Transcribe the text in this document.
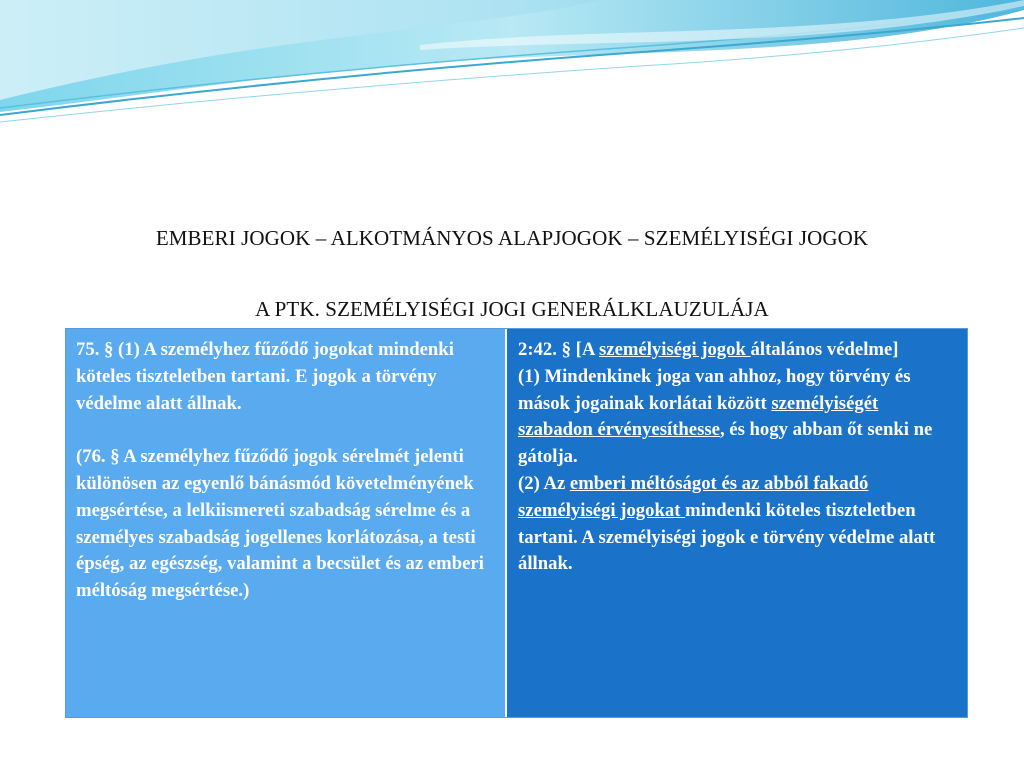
EMBERI JOGOK – ALKOTMÁNYOS ALAPJOGOK – SZEMÉLYISÉGI JOGOK
A PTK. SZEMÉLYISÉGI JOGI GENERÁLKLAUZULÁJA

75. § (1) A személyhez fűződő jogokat mindenki köteles tiszteletben tartani. E jogok a törvény védelme alatt állnak.

(76. § A személyhez fűződő jogok sérelmét jelenti különösen az egyenlő bánásmód követelményének megsértése, a lelkiismereti szabadság sérelme és a személyes szabadság jogellenes korlátozása, a testi épség, az egészség, valamint a becsület és az emberi méltóság megsértése.)

2:42. § [A személyiségi jogok általános védelme]

(1) Mindenkinek joga van ahhoz, hogy törvény és mások jogainak korlátai között személyiségét szabadon érvényesíthesse, és hogy abban őt senki ne gátolja.

(2) Az emberi méltóságot és az abból fakadó személyiségi jogokat mindenki köteles tiszteletben tartani. A személyiségi jogok e törvény védelme alatt állnak.
